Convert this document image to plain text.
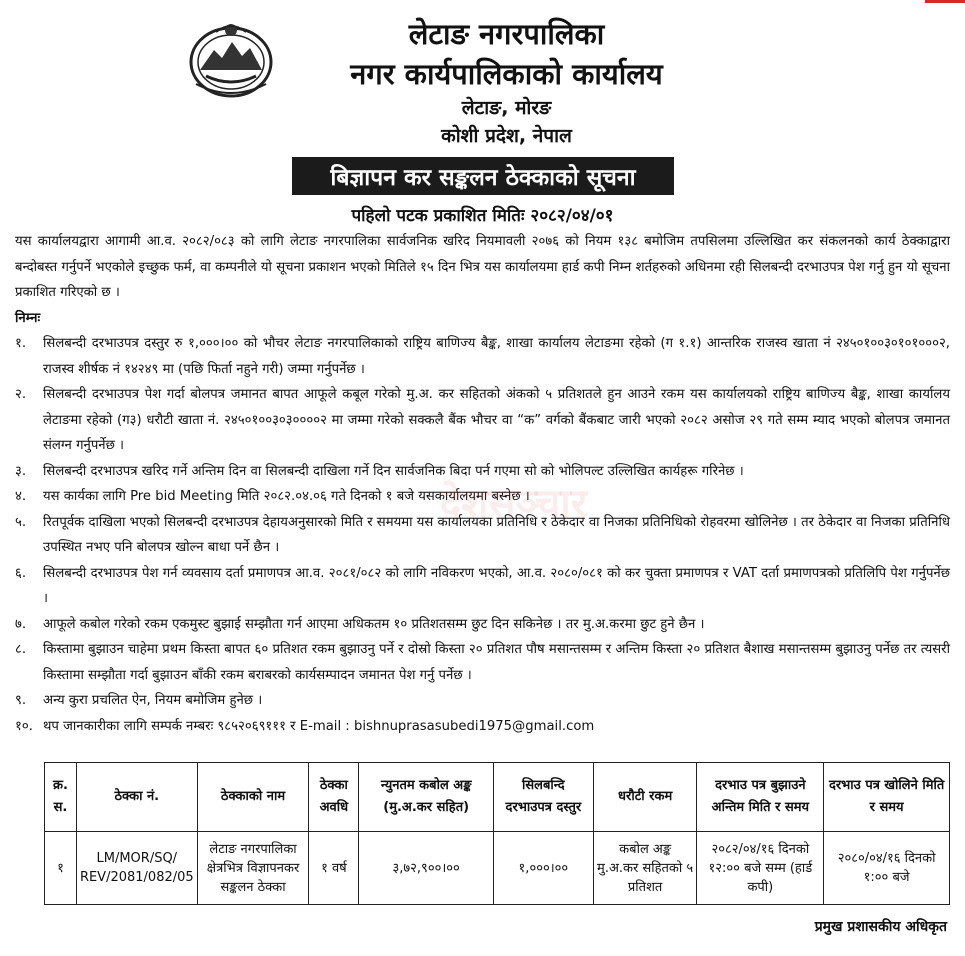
लेटाङ नगरपालिका
नगर कार्यपालिकाको कार्यालय
लेटाङ, मोरङ
कोशी प्रदेश, नेपाल
बिज्ञापन कर सङ्कलन ठेक्काको सूचना
पहिलो पटक प्रकाशित मितिः २०८२/०४/०१

यस कार्यालयद्वारा आगामी आ.व. २०८२/०८३ को लागि लेटाङ नगरपालिका सार्वजनिक खरिद नियमावली २०७६ को नियम १३८ बमोजिम तपसिलमा उल्लिखित कर संकलनको कार्य ठेक्काद्वारा बन्दोबस्त गर्नुपर्ने भएकोले इच्छुक फर्म, वा कम्पनीले यो सूचना प्रकाशन भएको मितिले १५ दिन भित्र यस कार्यालयमा हार्ड कपी निम्न शर्तहरुको अधिनमा रही सिलबन्दी दरभाउपत्र पेश गर्नु हुन यो सूचना प्रकाशित गरिएको छ ।

निम्नः

१.	सिलबन्दी दरभाउपत्र दस्तुर रु १,०००।०० को भौचर लेटाङ नगरपालिकाको राष्ट्रिय बाणिज्य बैङ्क, शाखा कार्यालय लेटाङमा रहेको (ग १.१) आन्तरिक राजस्व खाता नं २४५०१००३०१०१०००२, राजस्व शीर्षक नं १४२४९ मा (पछि फिर्ता नहुने गरी) जम्मा गर्नुपर्नेछ ।
२.	सिलबन्दी दरभाउपत्र पेश गर्दा बोलपत्र जमानत बापत आफूले कबूल गरेको मु.अ. कर सहितको अंकको ५ प्रतिशतले हुन आउने रकम यस कार्यालयको राष्ट्रिय बाणिज्य बैङ्क, शाखा कार्यालय लेटाङमा रहेको (ग३) धरौटी खाता नं. २४५०१००३०३००००२ मा जम्मा गरेको सक्कलै बैंक भौचर वा “क” वर्गको बैंकबाट जारी भएको २०८२ असोज २९ गते सम्म म्याद भएको बोलपत्र जमानत संलग्न गर्नुपर्नेछ ।
३.	सिलबन्दी दरभाउपत्र खरिद गर्ने अन्तिम दिन वा सिलबन्दी दाखिला गर्ने दिन सार्वजनिक बिदा पर्न गएमा सो को भोलिपल्ट उल्लिखित कार्यहरू गरिनेछ ।
४.	यस कार्यका लागि Pre bid Meeting मिति २०८२.०४.०६ गते दिनको १ बजे यसकार्यालयमा बस्नेछ ।
५.	रितपूर्वक दाखिला भएको सिलबन्दी दरभाउपत्र देहायअनुसारको मिति र समयमा यस कार्यालयका प्रतिनिधि र ठेकेदार वा निजका प्रतिनिधिको रोहवरमा खोलिनेछ । तर ठेकेदार वा निजका प्रतिनिधि उपस्थित नभए पनि बोलपत्र खोल्न बाधा पर्ने छैन ।
६.	सिलबन्दी दरभाउपत्र पेश गर्न व्यवसाय दर्ता प्रमाणपत्र आ.व. २०८१/०८२ को लागि नविकरण भएको, आ.व. २०८०/०८१ को कर चुक्ता प्रमाणपत्र र VAT दर्ता प्रमाणपत्रको प्रतिलिपि पेश गर्नुपर्नेछ ।
७.	आफूले कबोल गरेको रकम एकमुस्ट बुझाई सम्झौता गर्न आएमा अधिकतम १० प्रतिशतसम्म छुट दिन सकिनेछ । तर मु.अ.करमा छुट हुने छैन ।
८.	किस्तामा बुझाउन चाहेमा प्रथम किस्ता बापत ६० प्रतिशत रकम बुझाउनु पर्ने र दोस्रो किस्ता २० प्रतिशत पौष मसान्तसम्म र अन्तिम किस्ता २० प्रतिशत बैशाख मसान्तसम्म बुझाउनु पर्नेछ तर त्यसरी किस्तामा सम्झौता गर्दा बुझाउन बाँकी रकम बराबरको कार्यसम्पादन जमानत पेश गर्नु पर्नेछ ।
९.	अन्य कुरा प्रचलित ऐन, नियम बमोजिम हुनेछ ।
१०. थप जानकारीका लागि सम्पर्क नम्बरः ९८५२०६९१११ र E-mail : bishnuprasasubedi1975@gmail.com
देशसञ्चार
क्र. स.	ठेक्का नं.	ठेक्काको नाम	ठेक्का अवधि	न्युनतम कबोल अङ्क (मु.अ.कर सहित)	सिलबन्दि दरभाउपत्र दस्तुर	धरौटी रकम	दरभाउ पत्र बुझाउने अन्तिम मिति र समय	दरभाउ पत्र खोलिने मिति र समय
१	LM/MOR/SQ/ REV/2081/082/05	लेटाङ नगरपालिका क्षेत्रभित्र विज्ञापनकर सङ्कलन ठेक्का	१ वर्ष	३,७२,९००।००	१,०००।००	कबोल अङ्क मु.अ.कर सहितको ५ प्रतिशत	२०८२/०४/१६ दिनको १२:०० बजे सम्म (हार्ड कपी)	२०८०/०४/१६ दिनको १:०० बजे
प्रमुख प्रशासकीय अधिकृत
